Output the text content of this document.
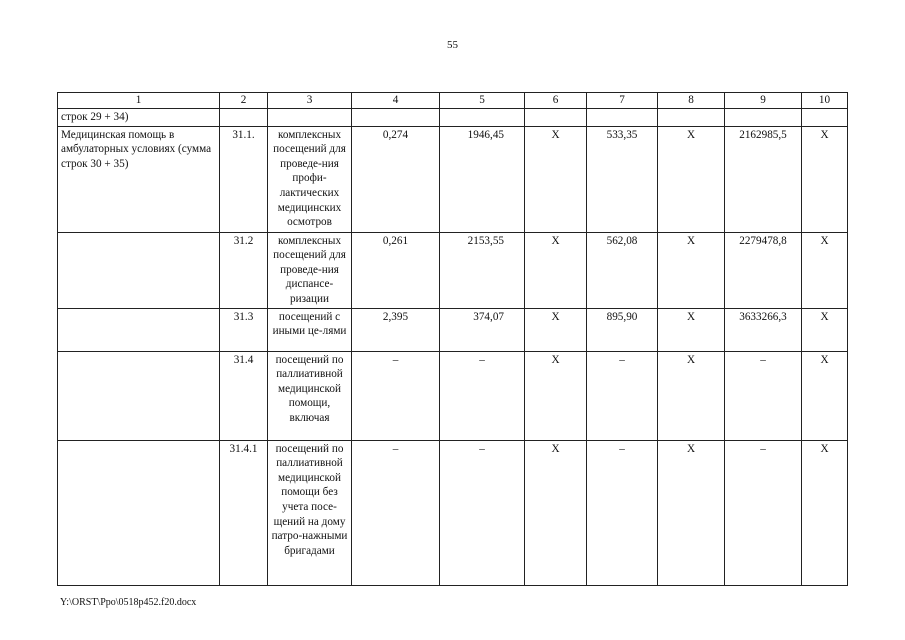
55
1	2	3	4	5	6	7	8	9	10
строк 29 + 34)									
Медицинская помощь в амбулаторных условиях (сумма строк 30 + 35)	31.1.	комплексных посещений для проведе-ния профи-лактических медицинских осмотров	0,274	1946,45	X	533,35	X	2162985,5	X
	31.2	комплексных посещений для проведе-ния диспансе-ризации	0,261	2153,55	X	562,08	X	2279478,8	X
	31.3	посещений с иными це-лями	2,395	374,07	X	895,90	X	3633266,3	X
	31.4	посещений по паллиативной медицинской помощи, включая	–	–	X	–	X	–	X
	31.4.1	посещений по паллиативной медицинской помощи без учета посе-щений на дому патро-нажными бригадами	–	–	X	–	X	–	X
Y:\ORST\Ppo\0518p452.f20.docx
